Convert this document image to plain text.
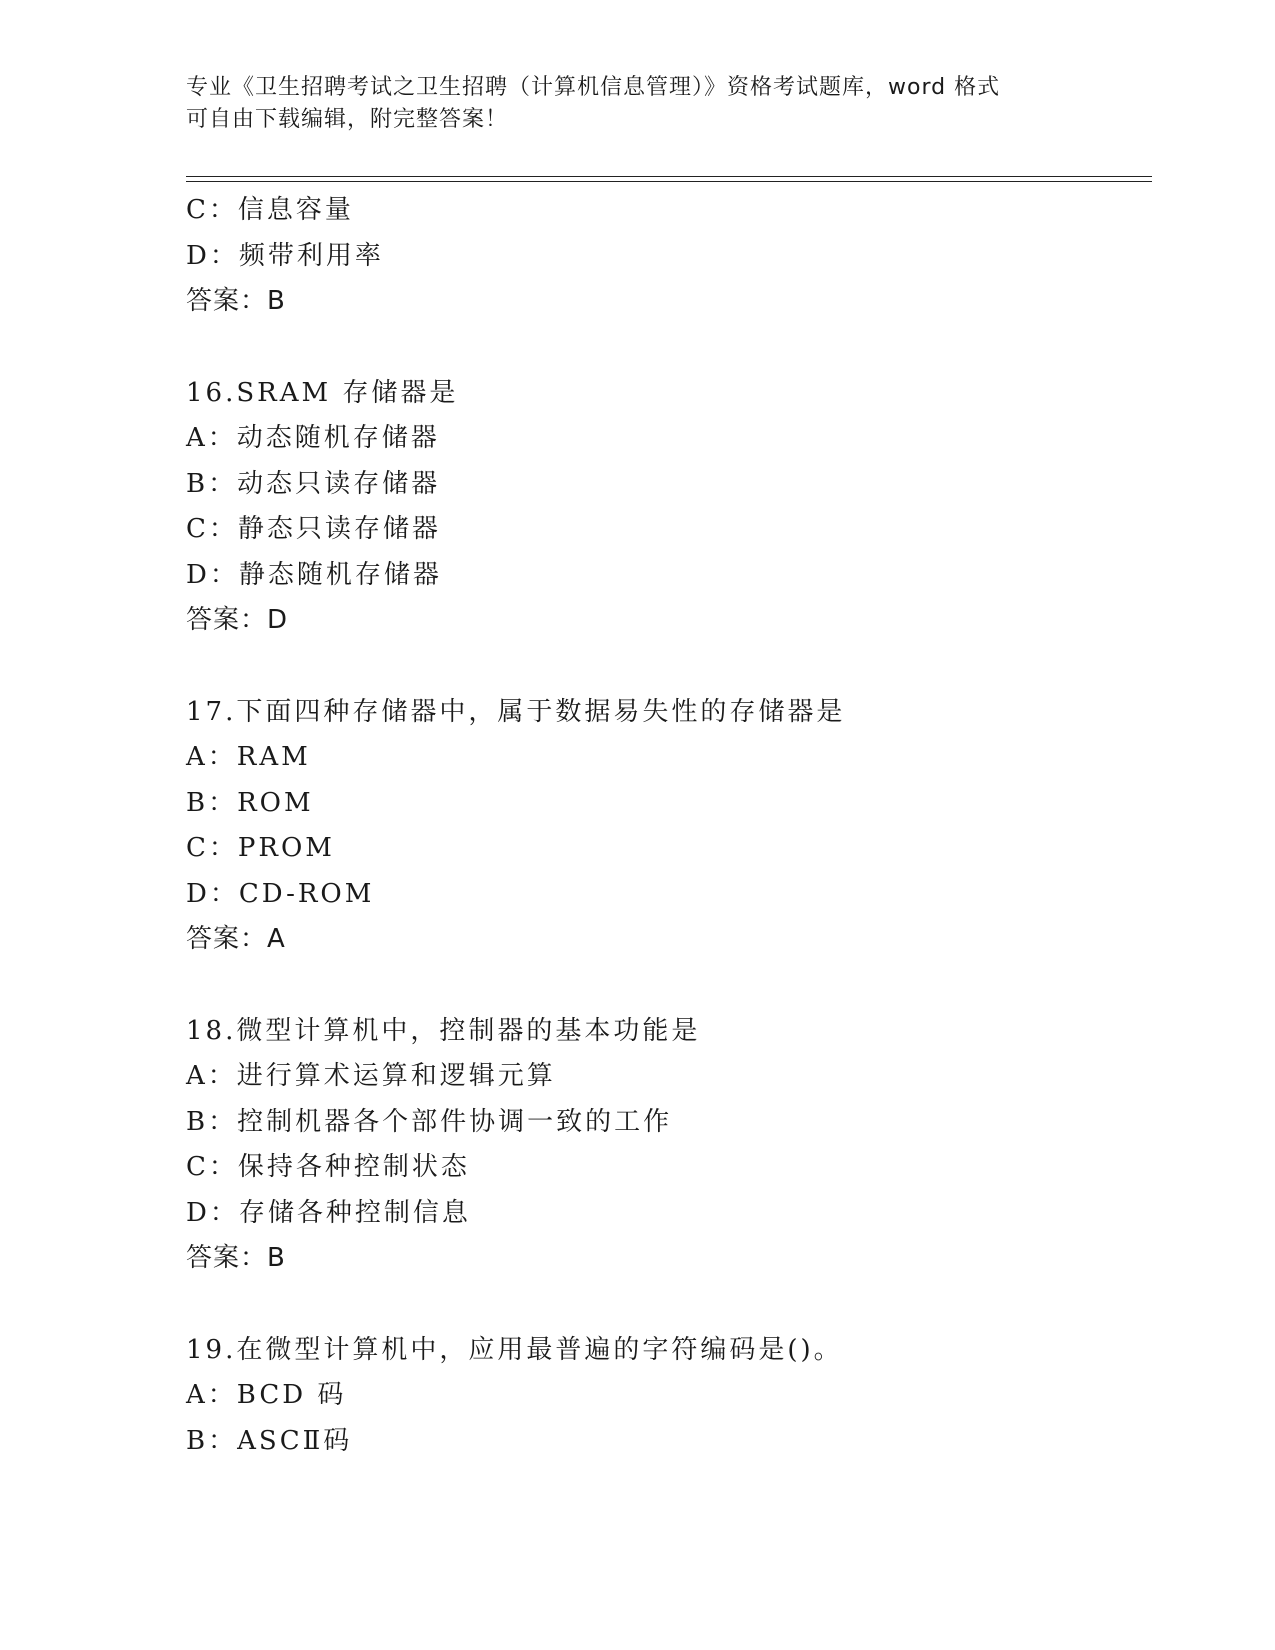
专业《卫生招聘考试之卫生招聘（计算机信息管理）》资格考试题库，word 格式
可自由下载编辑，附完整答案！
C：信息容量
D：频带利用率
答案：B
16.SRAM 存储器是
A：动态随机存储器
B：动态只读存储器
C：静态只读存储器
D：静态随机存储器
答案：D
17.下面四种存储器中，属于数据易失性的存储器是
A：RAM
B：ROM
C：PROM
D：CD-ROM
答案：A
18.微型计算机中，控制器的基本功能是
A：进行算术运算和逻辑元算
B：控制机器各个部件协调一致的工作
C：保持各种控制状态
D：存储各种控制信息
答案：B
19.在微型计算机中，应用最普遍的字符编码是()。
A：BCD 码
B：ASCⅡ码
